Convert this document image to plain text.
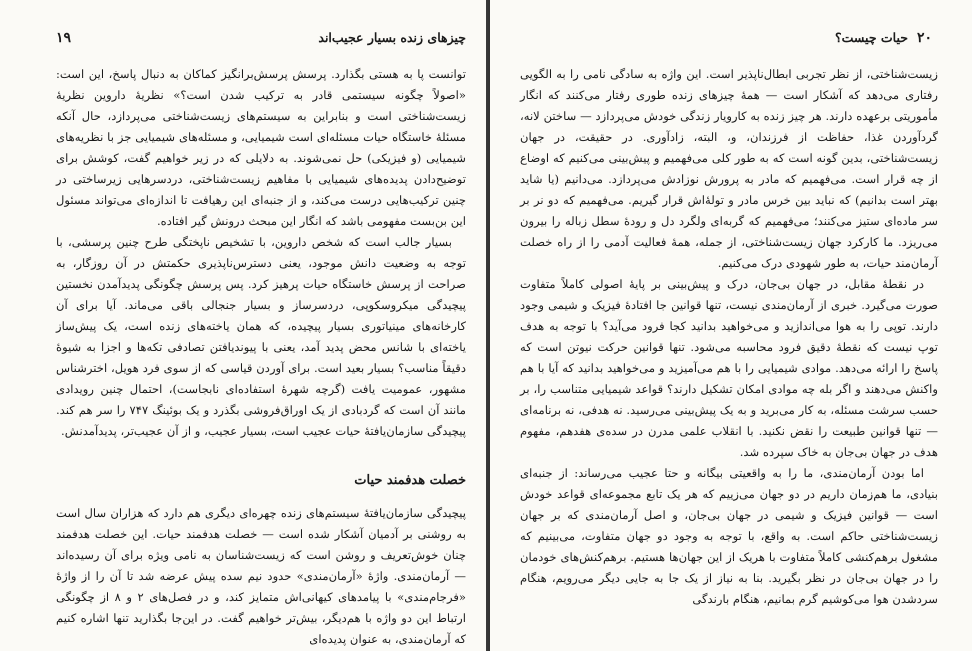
۱۹	چیزهای زنده بسیار عجیب‌اند

توانست پا به هستی بگذارد. پرسش پرسش‌برانگیز کماکان به دنبال پاسخ، این است: «اصولاً چگونه سیستمی قادر به ترکیب شدن است؟» نظریهٔ داروین نظریهٔ زیست‌شناختی است و بنابراین به سیستم‌های زیست‌شناختی می‌پردازد، حال آنکه مسئلهٔ خاستگاه حیات مسئله‌ای است شیمیایی، و مسئله‌های شیمیایی جز با نظریه‌های شیمیایی (و فیزیکی) حل نمی‌شوند. به دلایلی که در زیر خواهیم گفت، کوشش برای توضیح‌دادن پدیده‌های شیمیایی با مفاهیم زیست‌شناختی، دردسرهایی زیرساختی در چنین ترکیب‌هایی درست می‌کند، و از جنبه‌ای این رهیافت تا اندازه‌ای می‌تواند مسئول این بن‌بست مفهومی باشد که انگار این مبحث درونش گیر افتاده.

بسیار جالب است که شخص داروین، با تشخیص ناپختگی طرح چنین پرسشی، با توجه به وضعیت دانش موجود، یعنی دسترس‌ناپذیری حکمتش در آن روزگار، به صراحت از پرسش خاستگاه حیات پرهیز کرد. پس پرسش چگونگی پدیدآمدن نخستین پیچیدگی میکروسکوپی، دردسرساز و بسیار جنجالی باقی می‌ماند. آیا برای آن کارخانه‌های مینیاتوری بسیار پیچیده، که همان یاخته‌های زنده است، یک پیش‌ساز یاخته‌ای با شانس محض پدید آمد، یعنی با پیوندیافتن تصادفی تکه‌ها و اجزا به شیوهٔ دقیقاً مناسب؟ بسیار بعید است. برای آوردن قیاسی که از سوی فرد هویل، اخترشناس مشهور، عمومیت یافت (گرچه شهرهٔ استفاده‌ای نابجاست)، احتمال چنین رویدادی مانند آن است که گردبادی از یک اوراق‌فروشی بگذرد و یک بوئینگ ۷۴۷ را سر هم کند. پیچیدگی سازمان‌یافتهٔ حیات عجیب است، بسیار عجیب، و از آن عجیب‌تر، پدیدآمدنش.

خصلت هدفمند حیات

پیچیدگی سازمان‌یافتهٔ سیستم‌های زنده چهره‌ای دیگری هم دارد که هزاران سال است به روشنی بر آدمیان آشکار شده است — خصلت هدفمند حیات. این خصلت هدفمند چنان خوش‌تعریف و روشن است که زیست‌شناسان به نامی ویژه برای آن رسیده‌اند — آرمان‌مندی. واژهٔ «آرمان‌مندی» حدود نیم سده پیش عرضه شد تا آن را از واژهٔ «فرجام‌مندی» با پیامدهای کیهانی‌اش متمایز کند، و در فصل‌های ۲ و ۸ از چگونگی ارتباط این دو واژه با هم‌دیگر، بیش‌تر خواهیم گفت. در این‌جا بگذارید تنها اشاره کنیم که آرمان‌مندی، به عنوان پدیده‌ای

۲۰
حیات چیست؟

زیست‌شناختی، از نظر تجربی ابطال‌ناپذیر است. این واژه به سادگی نامی را به الگویی رفتاری می‌دهد که آشکار است — همهٔ چیزهای زنده طوری رفتار می‌کنند که انگار مأموریتی برعهده دارند. هر چیز زنده به کارویار زندگی خودش می‌پردازد — ساختن لانه، گردآوردن غذا، حفاظت از فرزندان، و، البته، زادآوری. در حقیقت، در جهان زیست‌شناختی، بدین گونه است که به طور کلی می‌فهمیم و پیش‌بینی می‌کنیم که اوضاع از چه قرار است. می‌فهمیم که مادر به پرورش نوزادش می‌پردازد. می‌دانیم (یا شاید بهتر است بدانیم) که نباید بین خرس مادر و تولهٔ‌اش قرار گیریم. می‌فهمیم که دو نر بر سر ماده‌ای ستیز می‌کنند؛ می‌فهمیم که گربه‌ای ولگرد دل و رودهٔ سطل زباله را بیرون می‌ریزد. ما کارکرد جهان زیست‌شناختی، از جمله، همهٔ فعالیت آدمی را از راه خصلت آرمان‌مند حیات، به طور شهودی درک می‌کنیم.

در نقطهٔ مقابل، در جهان بی‌جان، درک و پیش‌بینی بر پایهٔ اصولی کاملاً متفاوت صورت می‌گیرد. خبری از آرمان‌مندی نیست، تنها قوانین جا افتادهٔ فیزیک و شیمی وجود دارند. توپی را به هوا می‌اندازید و می‌خواهید بدانید کجا فرود می‌آید؟ با توجه به هدف توپ نیست که نقطهٔ دقیق فرود محاسبه می‌شود. تنها قوانین حرکت نیوتن است که پاسخ را ارائه می‌دهد. موادی شیمیایی را با هم می‌آمیزید و می‌خواهید بدانید که آیا با هم واکنش می‌دهند و اگر بله چه موادی امکان تشکیل دارند؟ قواعد شیمیایی متناسب را، بر حسب سرشت مسئله، به کار می‌برید و به یک پیش‌بینی می‌رسید. نه هدفی، نه برنامه‌ای — تنها قوانین طبیعت را نقض نکنید. با انقلاب علمی مدرن در سده‌ی هفدهم، مفهوم هدف در جهان بی‌جان به خاک سپرده شد.

اما بودن آرمان‌مندی، ما را به واقعیتی بیگانه و حتا عجیب می‌رساند: از جنبه‌ای بنیادی، ما هم‌زمان داریم در دو جهان می‌زییم که هر یک تابع مجموعه‌ای قواعد خودش است — قوانین فیزیک و شیمی در جهان بی‌جان، و اصل آرمان‌مندی که بر جهان زیست‌شناختی حاکم است. به واقع، با توجه به وجود دو جهان متفاوت، می‌بینیم که مشغول برهم‌کنشی کاملاً متفاوت با هریک از این جهان‌ها هستیم. برهم‌کنش‌های خودمان را در جهان بی‌جان در نظر بگیرید. بنا به نیاز از یک جا به جایی دیگر می‌رویم، هنگام سردشدن هوا می‌کوشیم گرم بمانیم، هنگام بارندگی
